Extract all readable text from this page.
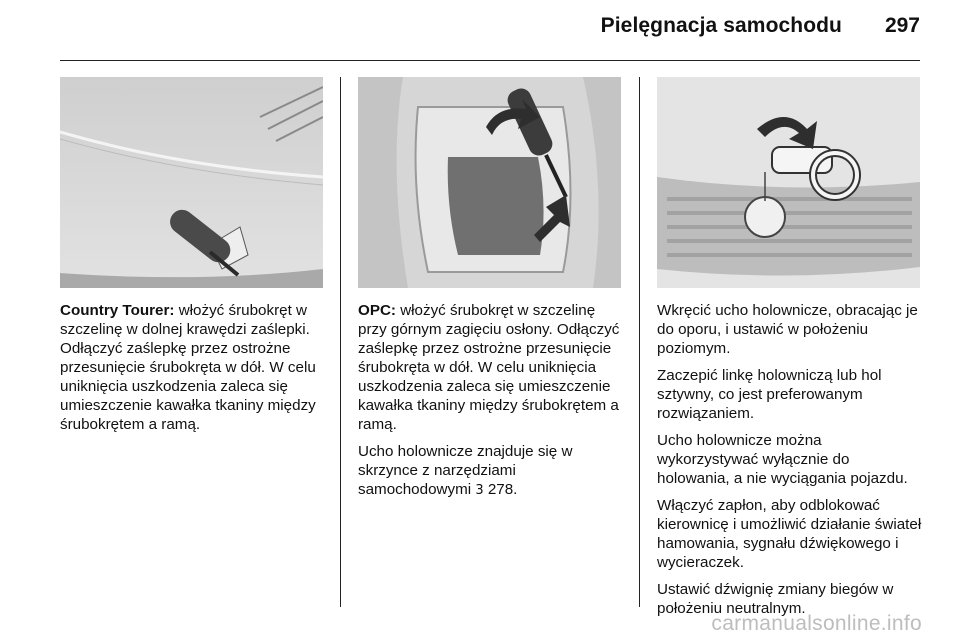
Pielęgnacja samochodu 297

Country Tourer: włożyć śrubokręt w szczelinę w dolnej krawędzi zaślepki. Odłączyć zaślepkę przez ostrożne przesunięcie śrubokręta w dół. W celu uniknięcia uszkodzenia zaleca się umieszczenie kawałka tkaniny między śrubokrętem a ramą.

OPC: włożyć śrubokręt w szczelinę przy górnym zagięciu osłony. Odłączyć zaślepkę przez ostrożne przesunięcie śrubokręta w dół. W celu uniknięcia uszkodzenia zaleca się umieszczenie kawałka tkaniny między śrubokrętem a ramą.

Ucho holownicze znajduje się w skrzynce z narzędziami samochodowymi 3 278.

Wkręcić ucho holownicze, obracając je do oporu, i ustawić w położeniu poziomym.

Zaczepić linkę holowniczą lub hol sztywny, co jest preferowanym rozwiązaniem.

Ucho holownicze można wykorzystywać wyłącznie do holowania, a nie wyciągania pojazdu.

Włączyć zapłon, aby odblokować kierownicę i umożliwić działanie świateł hamowania, sygnału dźwiękowego i wycieraczek.

Ustawić dźwignię zmiany biegów w położeniu neutralnym.

carmanualsonline.info
